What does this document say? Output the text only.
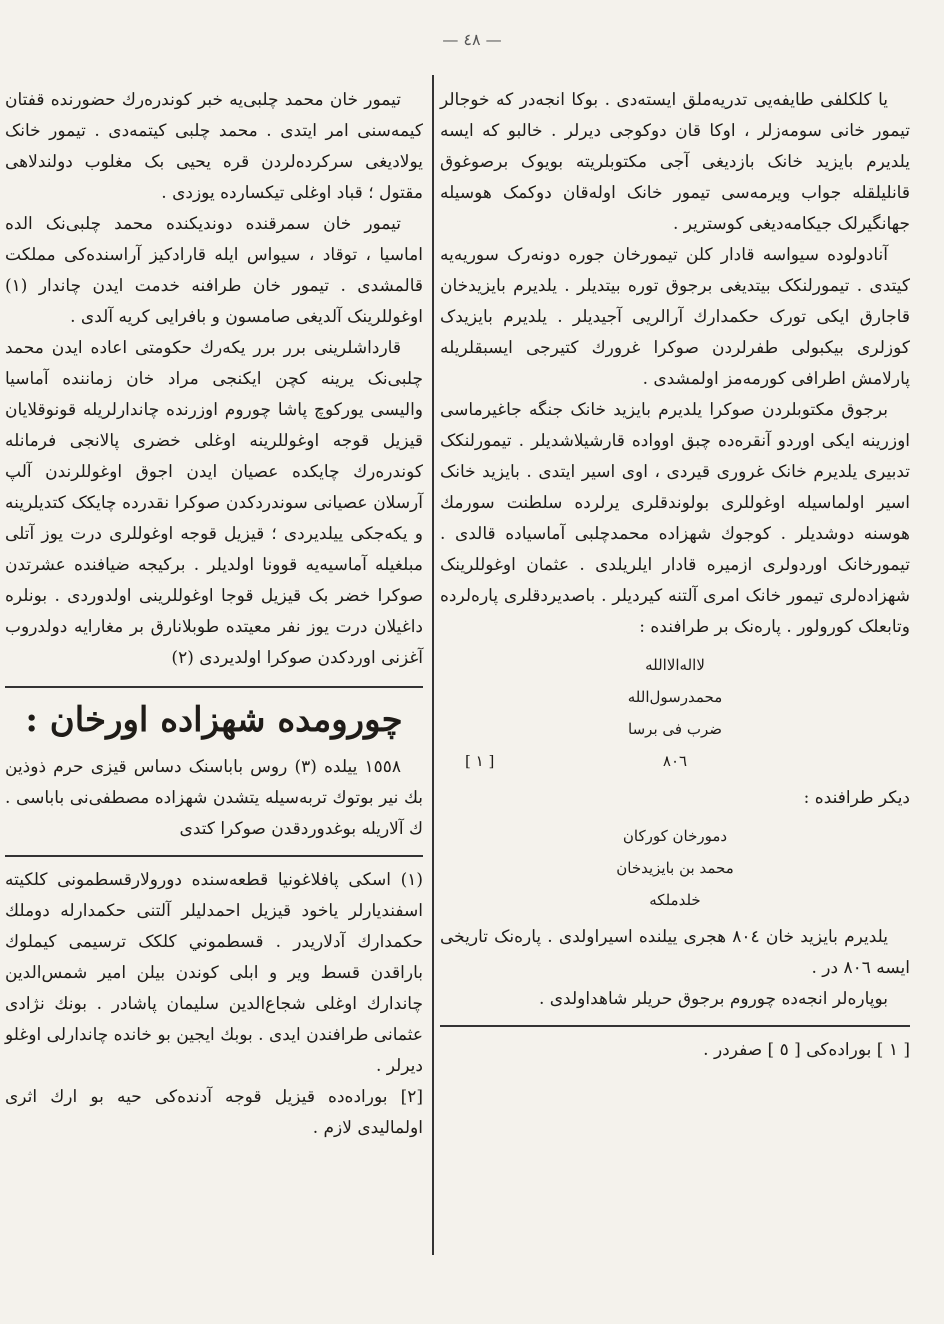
— ٤٨ —

یا کلکلفی طایفه‌یی تدریه‌ملق ایسته‌دی . بوکا انجه‌در که خوجالر تیمور خانی سومه‌زلر ، اوکا قان دوکوجی دیرلر . خالبو که ایسه یلدیرم بایزید خانک بازدیغی آجی مکتوبلریته بویوک برصوغوق قانلیلقله جواب ویرمه‌سی تیمور خانک اوله‌قان دوکمک هوسیله جهانگیرلک جیکامه‌دیغی کوستریر .

آنادولوده سیواسه قادار کلن تیمورخان جوره دونه‌رک سوریه‌یه کیتدی . تیمورلنکک بیتدیغی برجوق توره بیتدیلر . یلدیرم بایزیدخان قاجارق ایکی تورک حکمدارك آرالریی آجیدیلر . یلدیرم بایزیدک کوزلری بیکبولی طفرلردن صوکرا غرورك کتیرجی ایسبقلریله پارلامش اطرافی کورمه‌مز اولمشدی .

برجوق مکتوبلردن صوکرا یلدیرم بایزید خانک جنگه جاغیرماسی اوزرینه ایکی اوردو آنقره‌ده چبق اوواده قارشیلاشدیلر . تیمورلنکک تدبیری یلدیرم خانک غروری قیردی ، اوی اسیر ایتدی . بایزید خانک اسیر اولماسیله اوغوللری بولوندقلری یرلرده سلطنت سورمك هوسنه دوشدیلر . کوجوك شهزاده محمدچلبی آماسیاده قالدی . تیمورخانک اوردولری ازمیره قادار ایلریلدی . عثمان اوغوللرینک شهزاده‌لری تیمور خانک امری آلتنه کیردیلر . باصدیردقلری پاره‌لرده وتابعلک کورولور . پاره‌نک بر طرافنده :

لااله‌الاالله
محمدرسول‌الله
ضرب فی برسا
٨٠٦
[ ١ ]

دیکر طرافنده :

دمورخان کورکان
محمد بن بایزیدخان
خلدملکه

یلدیرم بایزید خان ٨٠٤ هجری ییلنده اسیراولدی . پاره‌نک تاریخی ایسه ٨٠٦ در .

بوپاره‌لر انجه‌ده چوروم برجوق حریلر شاهداولدی .

[ ١ ] بوراده‌کی [ ٥ ] صفردر .

تیمور خان محمد چلبی‌یه خبر کوندره‌رك حضورنده قفتان کیمه‌سنی امر ایتدی . محمد چلبی کیتمه‌دی . تیمور خانک یولاديغی سرکرده‌لردن قره یحیی بک مغلوب دولندلاهی مقتول ؛ قباد اوغلی تیکسارده یوزدی .

تیمور خان سمرقنده دوندیکنده محمد چلبی‌نک الده اماسیا ، توقاد ، سیواس ایله قارادکیز آراسنده‌کی مملکت قالمشدی . تیمور خان طرافنه خدمت ایدن چاندار (١) اوغوللرینک آلدیغی صامسون و بافرایی کریه آلدی .

قارداشلرینی برر برر یکه‌رك حکومتی اعاده ایدن محمد چلبی‌نک یرینه کچن ایکنجی مراد خان زماننده آماسیا والیسی یورکوچ پاشا چوروم اوزرنده چاندارلریله قونوقلایان قیزیل قوجه اوغوللرینه اوغلی خضری پالانجی فرمانله کوندره‌رك چایکده عصیان ایدن اجوق اوغوللرندن آلپ آرسلان عصیانی سوندردکدن صوکرا نقدرده چایکک کتدیلرینه و یکه‌جکی ییلدیردی ؛ قیزیل قوجه اوغوللری درت یوز آتلی مبلغیله آماسیه‌یه قوونا اولدیلر . برکیجه ضیافنده عشرتدن صوکرا خضر بک قیزیل قوجا اوغوللرینی اولدوردی . بونلره داغیلان درت یوز نفر معیتده طوبلانارق بر مغارایه دولدروب آغزنی اوردکدن صوکرا اولدیردی (٢)

چورومده شهزاده اورخان :

١٥٥٨ ییلده (٣) روس باباسنک دساس قیزی حرم ذوذین بك نیر بوتوك تربه‌سیله یتشدن شهزاده مصطفی‌نی بابا‌سی . ك آلاریله بوغدوردقدن صوکرا کتدی

(١) اسکی پافلاغونیا قطعه‌سنده دورولارقسطمونی کلکیته اسفندیارلر یاخود قیزیل احمدلیلر آلتنی حکمدارله دوملك حکمدارك آدلاریدر . قسطموني کلکک ترسیمی کیملوك باراقدن قسط ویر و ابلی کوندن بیلن امیر شمس‌الدین چاندارك اوغلی شجاع‌الدین سلیمان پاشادر . بونك نژادی عثمانی طرافندن ایدی . بوبك ایجین بو خانده چاندارلی اوغلو دیرلر .

[٢] بوراده‌ده قیزیل قوجه آدنده‌کی حیه بو ارك اثری اولمالیدی لازم .
